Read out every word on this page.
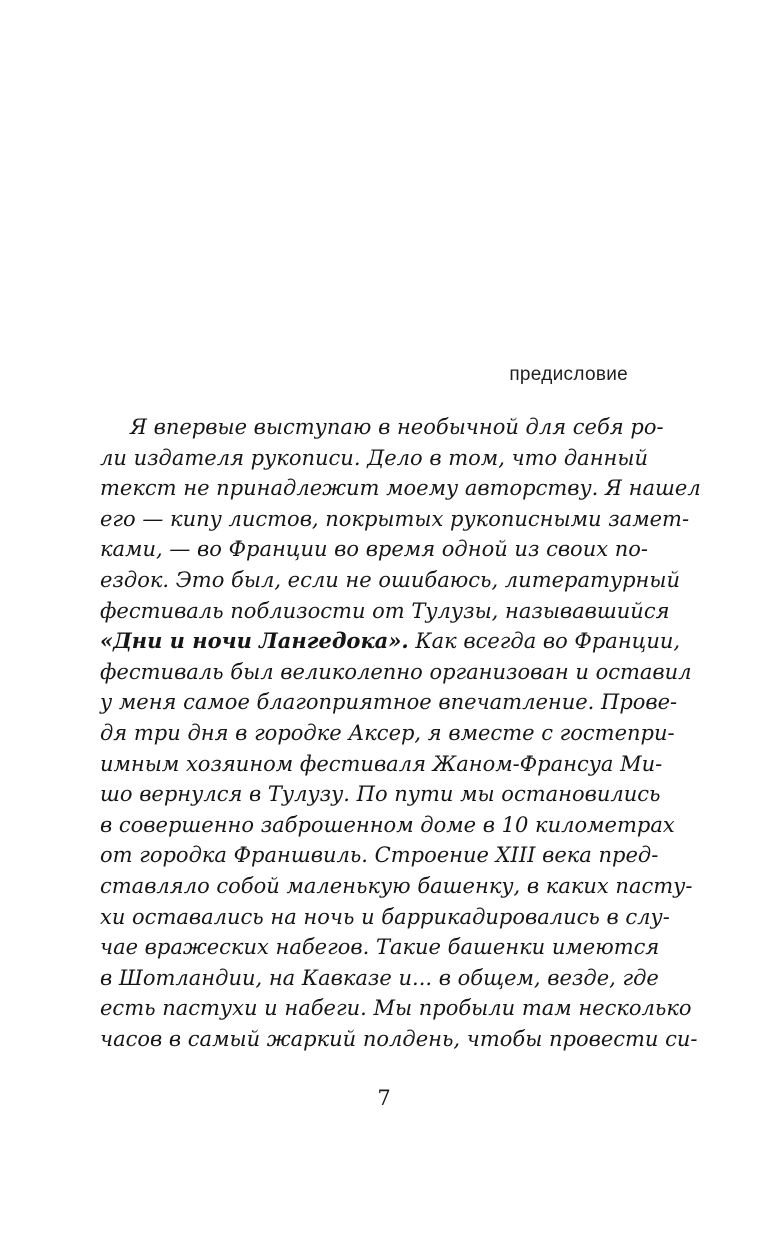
предисловие
Я впервые выступаю в необычной для себя ро-
ли издателя рукописи. Дело в том, что данный
текст не принадлежит моему авторству. Я нашел
его — кипу листов, покрытых рукописными замет-
ками, — во Франции во время одной из своих по-
ездок. Это был, если не ошибаюсь, литературный
фестиваль поблизости от Тулузы, называвшийся
«Дни и ночи Лангедока». Как всегда во Франции,
фестиваль был великолепно организован и оставил
у меня самое благоприятное впечатление. Прове-
дя три дня в городке Аксер, я вместе с гостепри-
имным хозяином фестиваля Жаном-Франсуа Ми-
шо вернулся в Тулузу. По пути мы остановились
в совершенно заброшенном доме в 10 километрах
от городка Франшвиль. Строение XIII века пред-
ставляло собой маленькую башенку, в каких пасту-
хи оставались на ночь и баррикадировались в слу-
чае вражеских набегов. Такие башенки имеются
в Шотландии, на Кавказе и... в общем, везде, где
есть пастухи и набеги. Мы пробыли там несколько
часов в самый жаркий полдень, чтобы провести си-
7
